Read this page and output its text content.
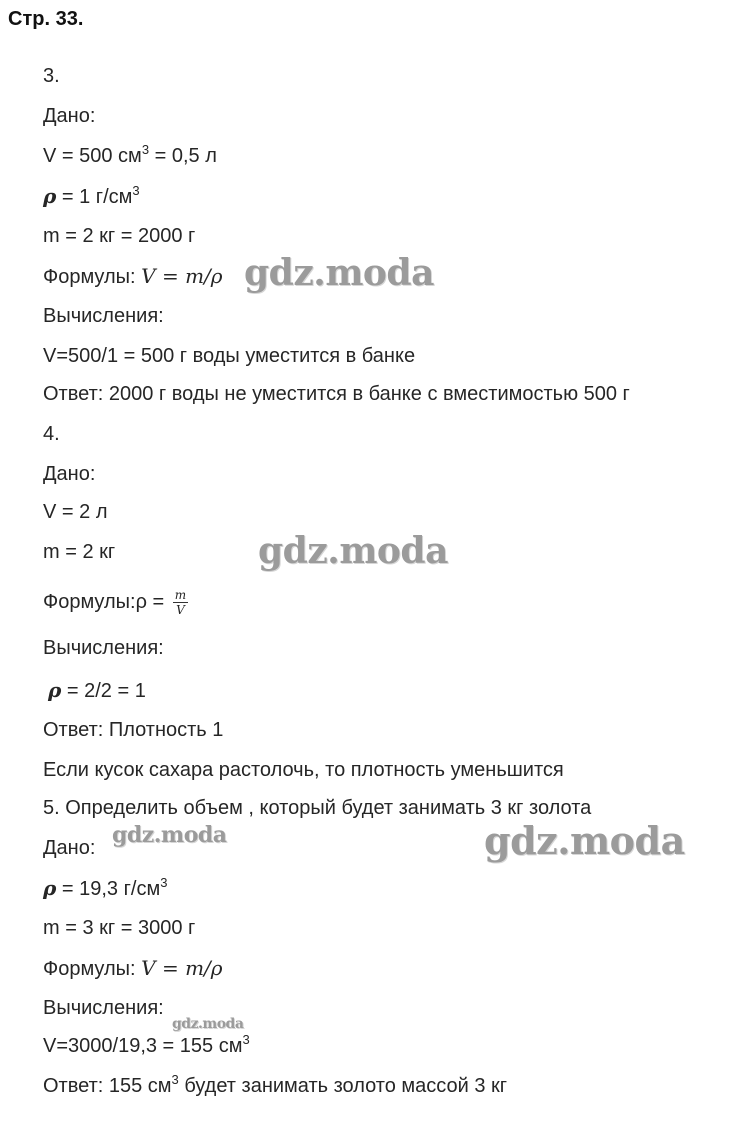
Стр. 33.
3.
Дано:
V = 500 $см^3 = 0,5$ л
ρ = 1 $г/см^3$
m = 2 кг = 2000 г
Формулы: V = m/ρ
Вычисления:
V=500/1 = 500 г воды уместится в банке
Ответ: 2000 г воды не уместится в банке с вместимостью 500 г
4.
Дано:
V = 2 л
m = 2 кг
Формулы:ρ = $\frac{m}{V}$
Вычисления:
ρ = 2/2 = 1
Ответ: Плотность 1
Если кусок сахара растолочь, то плотность уменьшится
5. Определить объем , который будет занимать 3 кг золота
Дано:
ρ = 19,3 $г/см^3$
m = 3 кг = 3000 г
Формулы: V = m/ρ
Вычисления:
V=3000/19,3 = 155 $см^3$
Ответ: 155 $см^3$ будет занимать золото массой 3 кг
gdz.moda
gdz.moda
gdz.moda	gdz.moda
gdz.moda
